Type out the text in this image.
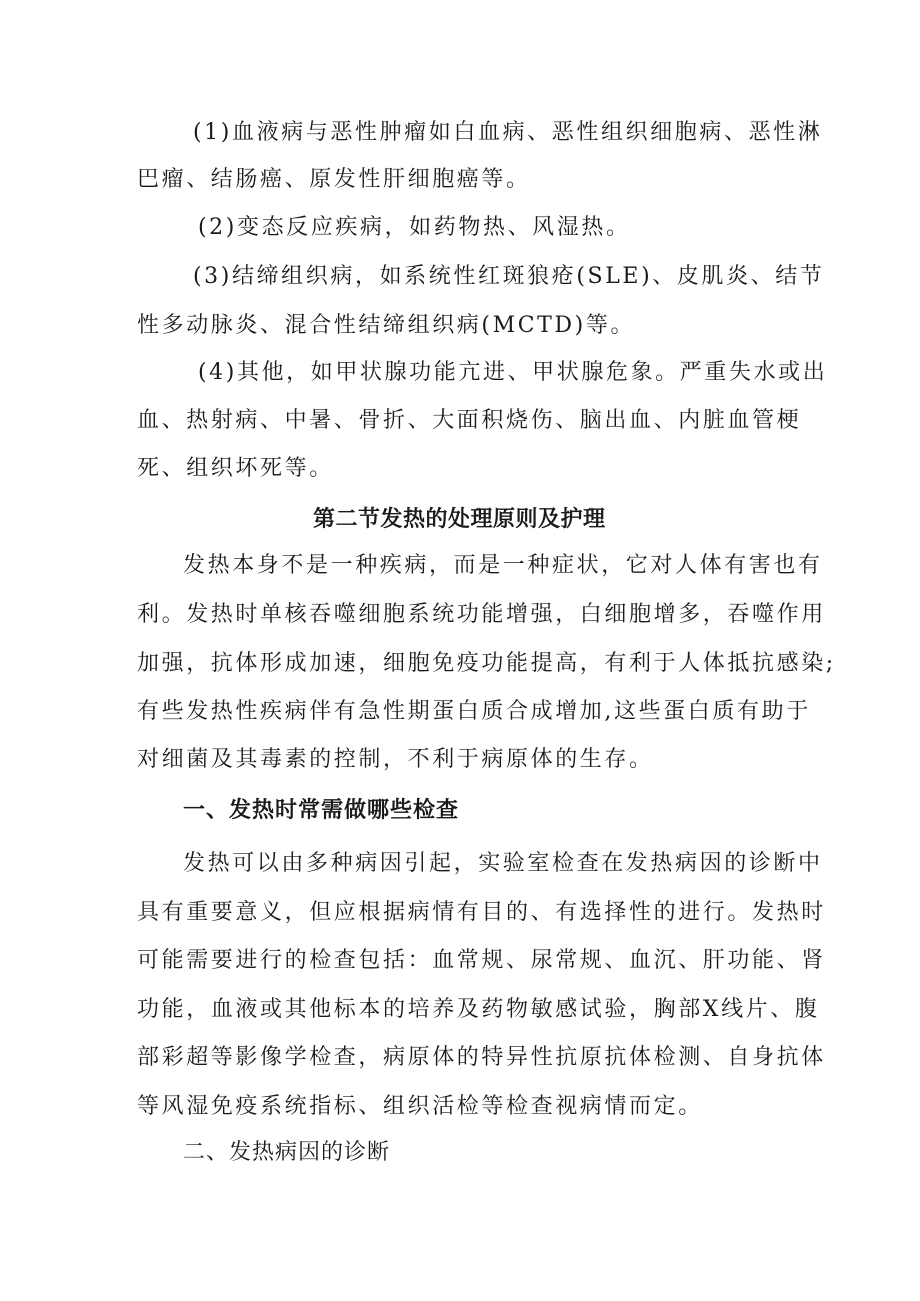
(1)血液病与恶性肿瘤如白血病、恶性组织细胞病、恶性淋
巴瘤、结肠癌、原发性肝细胞癌等。
(2)变态反应疾病，如药物热、风湿热。
(3)结缔组织病，如系统性红斑狼疮(SLE)、皮肌炎、结节
性多动脉炎、混合性结缔组织病(MCTD)等。
(4)其他，如甲状腺功能亢进、甲状腺危象。严重失水或出
血、热射病、中暑、骨折、大面积烧伤、脑出血、内脏血管梗
死、组织坏死等。
第二节发热的处理原则及护理
发热本身不是一种疾病，而是一种症状，它对人体有害也有
利。发热时单核吞噬细胞系统功能增强，白细胞增多，吞噬作用
加强，抗体形成加速，细胞免疫功能提高，有利于人体抵抗感染;
有些发热性疾病伴有急性期蛋白质合成增加,这些蛋白质有助于
对细菌及其毒素的控制，不利于病原体的生存。
一、发热时常需做哪些检查
发热可以由多种病因引起，实验室检查在发热病因的诊断中
具有重要意义，但应根据病情有目的、有选择性的进行。发热时
可能需要进行的检查包括：血常规、尿常规、血沉、肝功能、肾
功能，血液或其他标本的培养及药物敏感试验，胸部X线片、腹
部彩超等影像学检查，病原体的特异性抗原抗体检测、自身抗体
等风湿免疫系统指标、组织活检等检查视病情而定。
二、发热病因的诊断
